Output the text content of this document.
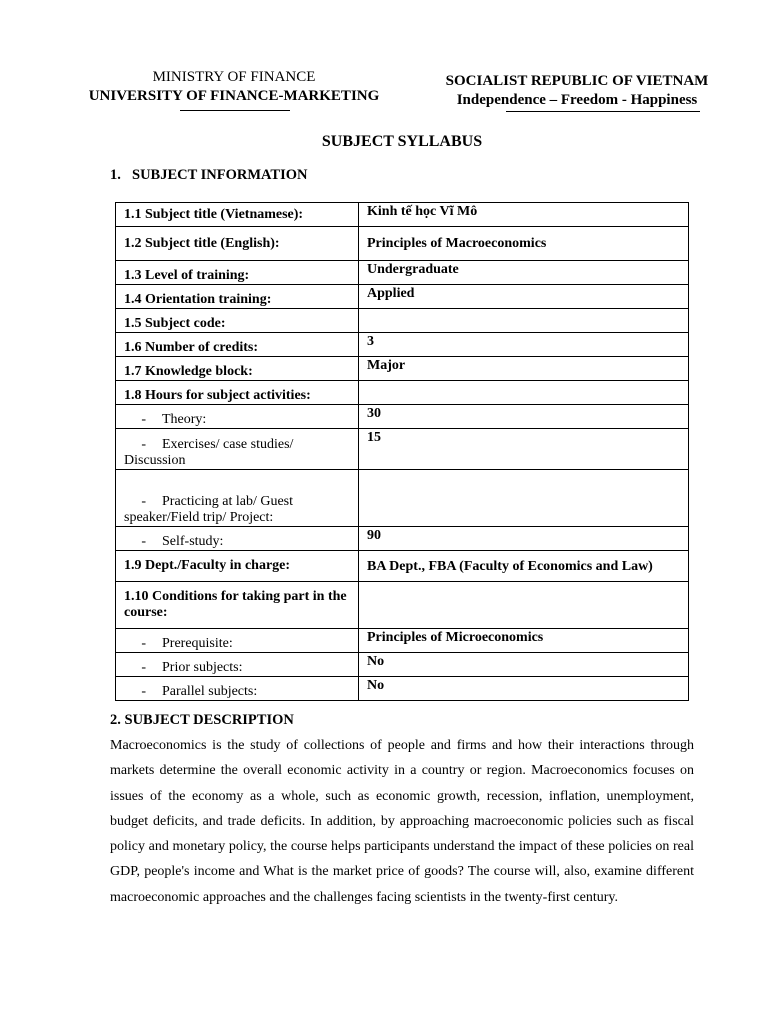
MINISTRY OF FINANCE
UNIVERSITY OF FINANCE-MARKETING
SOCIALIST REPUBLIC OF VIETNAM
Independence – Freedom - Happiness
SUBJECT SYLLABUS
1. SUBJECT INFORMATION
1.1 Subject title (Vietnamese):	Kinh tế học Vĩ Mô
1.2 Subject title (English):	Principles of Macroeconomics
1.3 Level of training:	Undergraduate
1.4 Orientation training:	Applied
1.5 Subject code:	
1.6 Number of credits:	3
1.7 Knowledge block:	Major
1.8 Hours for subject activities:	
- Theory:	30
- Exercises/ case studies/ Discussion	15
- Practicing at lab/ Guest speaker/Field trip/ Project:	
- Self-study:	90
1.9 Dept./Faculty in charge:	BA Dept., FBA (Faculty of Economics and Law)
1.10 Conditions for taking part in the course:	
- Prerequisite:	Principles of Microeconomics
- Prior subjects:	No
- Parallel subjects:	No
2. SUBJECT DESCRIPTION
Macroeconomics is the study of collections of people and firms and how their interactions through markets determine the overall economic activity in a country or region. Macroeconomics focuses on issues of the economy as a whole, such as economic growth, recession, inflation, unemployment, budget deficits, and trade deficits. In addition, by approaching macroeconomic policies such as fiscal policy and monetary policy, the course helps participants understand the impact of these policies on real GDP, people's income and What is the market price of goods? The course will, also, examine different macroeconomic approaches and the challenges facing scientists in the twenty-first century.
